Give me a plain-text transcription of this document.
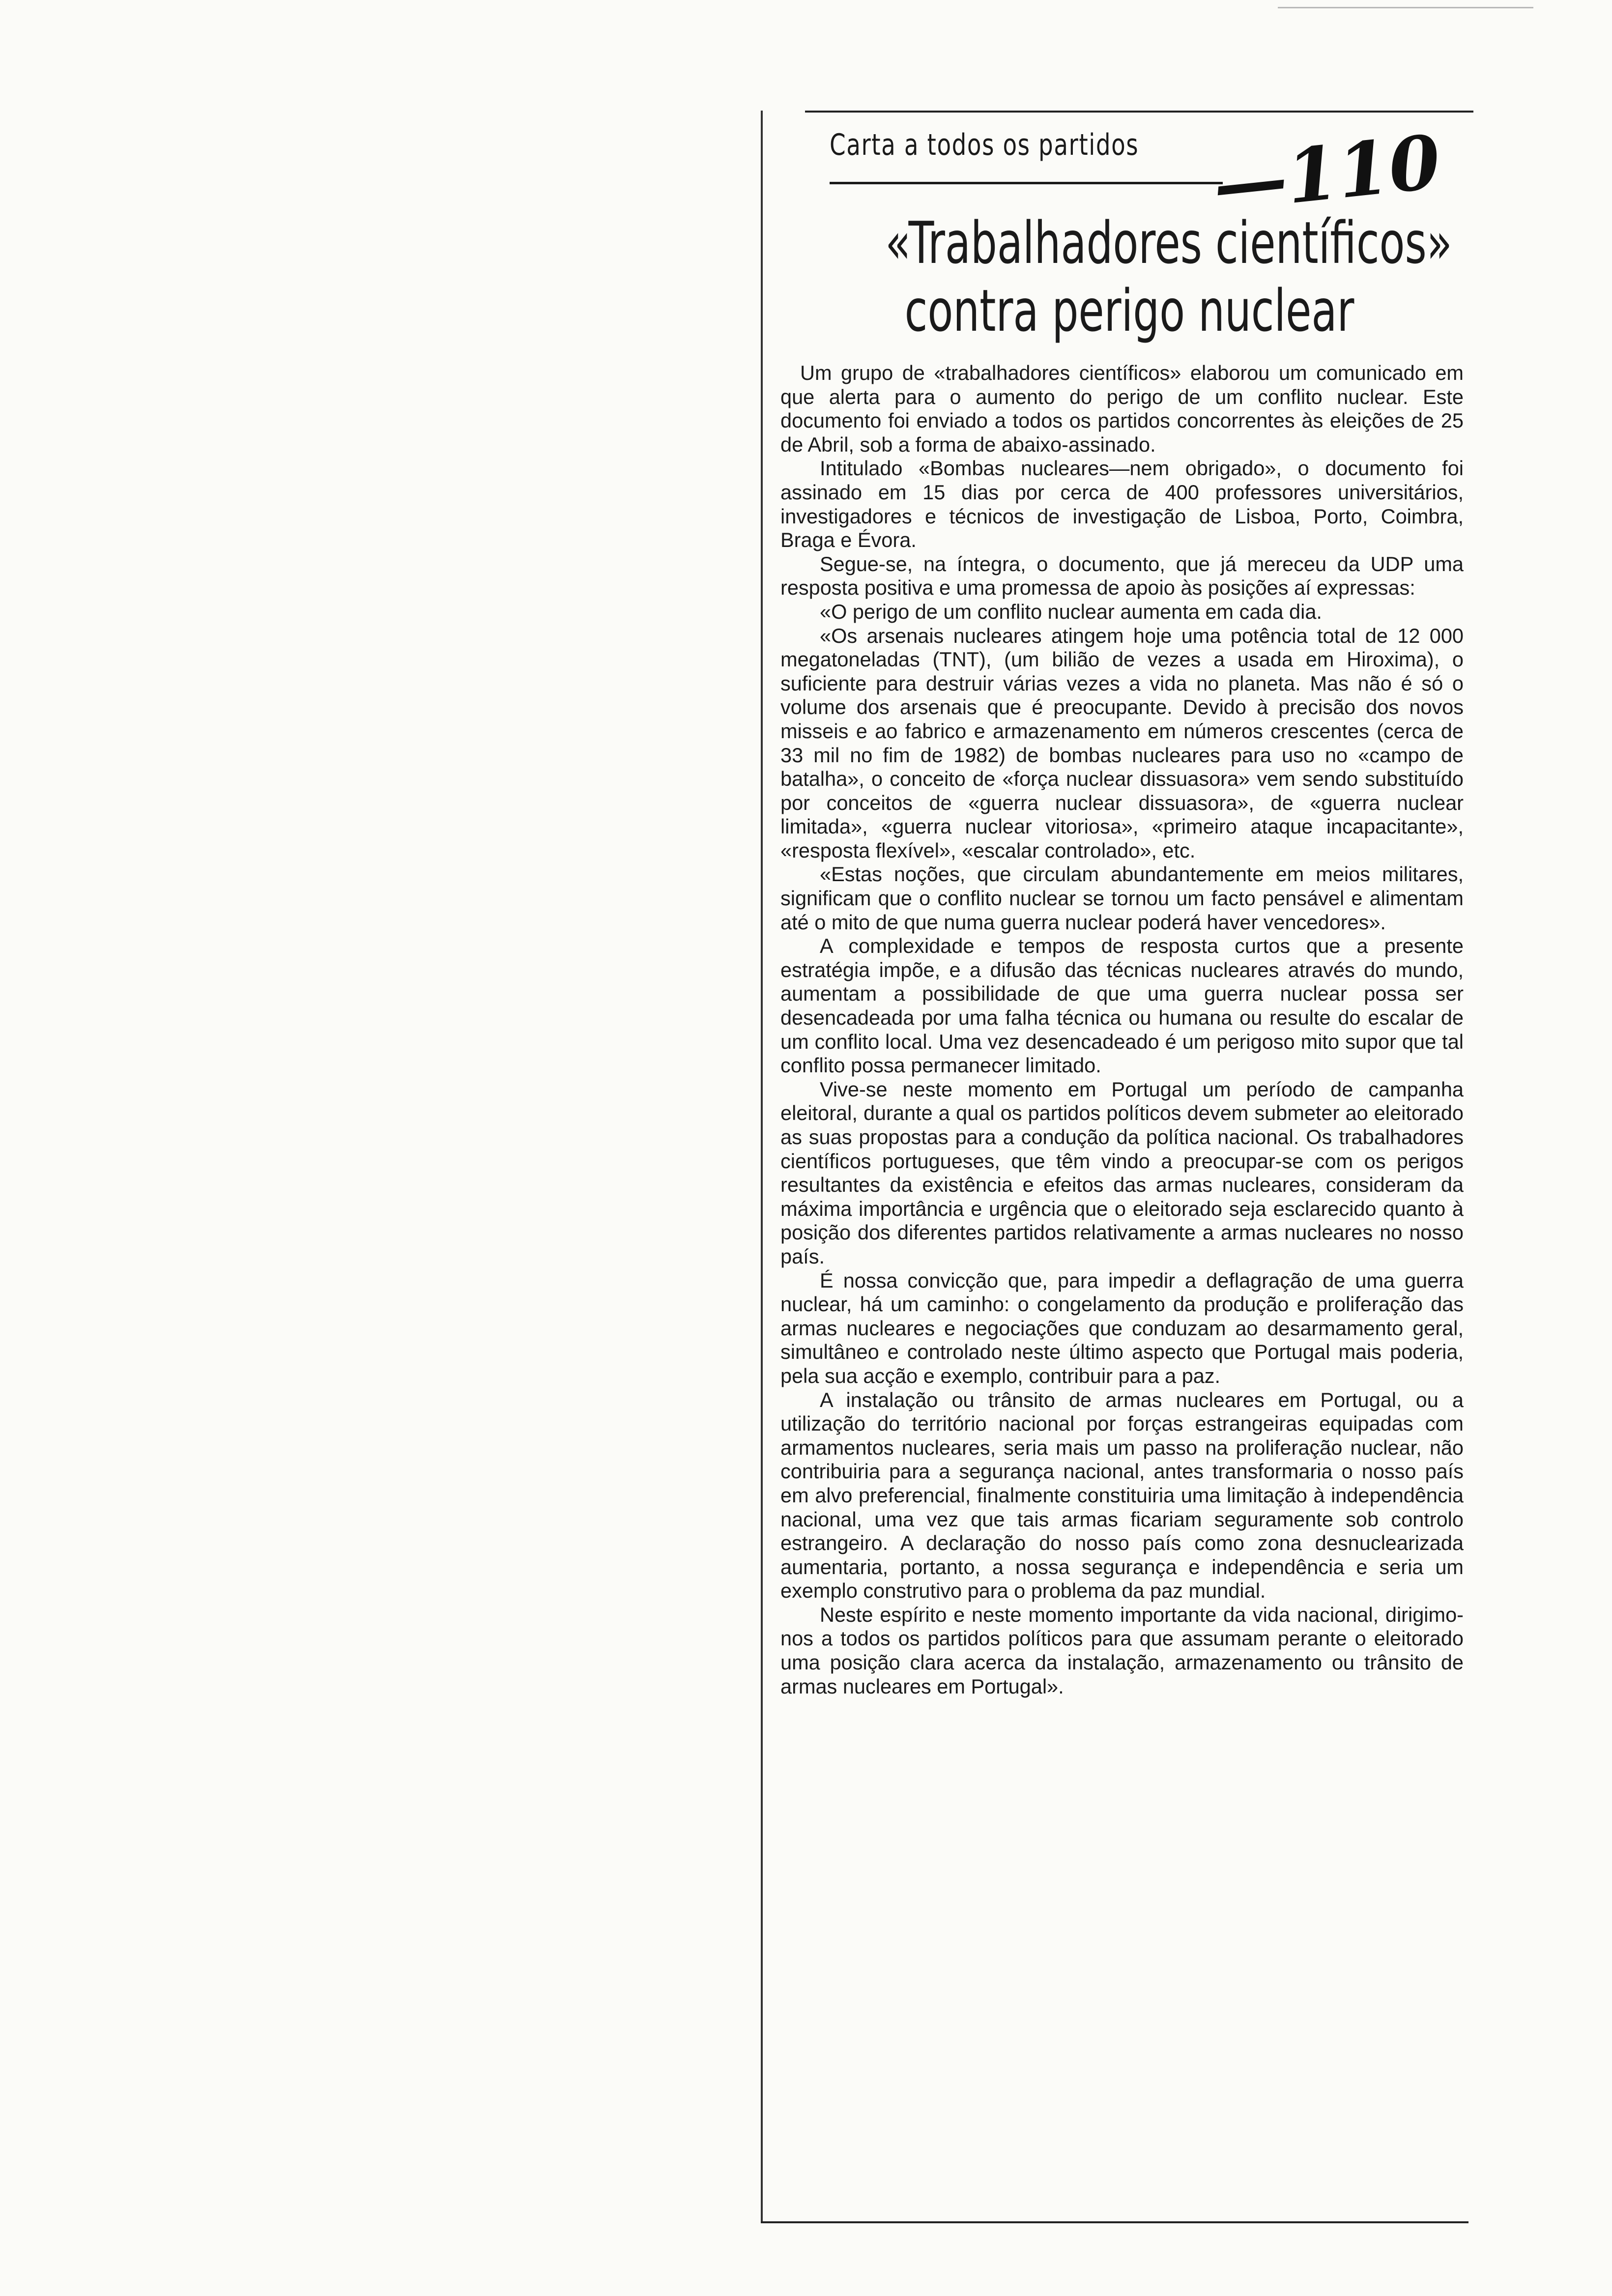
Carta a todos os partidos —110
«Trabalhadores científicos»
contra perigo nuclear

Um grupo de «trabalhadores científicos» elaborou um comunicado em que alerta para o aumento do perigo de um conflito nuclear. Este documento foi enviado a todos os partidos concorrentes às eleições de 25 de Abril, sob a forma de abaixo-assinado.

Intitulado «Bombas nucleares—nem obrigado», o documento foi assinado em 15 dias por cerca de 400 professores universitários, investigadores e técnicos de investigação de Lisboa, Porto, Coimbra, Braga e Évora.

Segue-se, na íntegra, o documento, que já mereceu da UDP uma resposta positiva e uma promessa de apoio às posições aí expressas:

«O perigo de um conflito nuclear aumenta em cada dia.

«Os arsenais nucleares atingem hoje uma potência total de 12 000 megatoneladas (TNT), (um bilião de vezes a usada em Hiroxima), o suficiente para destruir várias vezes a vida no planeta. Mas não é só o volume dos arsenais que é preocupante. Devido à precisão dos novos misseis e ao fabrico e armazenamento em números crescentes (cerca de 33 mil no fim de 1982) de bombas nucleares para uso no «campo de batalha», o conceito de «força nuclear dissuasora» vem sendo substituído por conceitos de «guerra nuclear dissuasora», de «guerra nuclear limitada», «guerra nuclear vitoriosa», «primeiro ataque incapacitante», «resposta flexível», «escalar controlado», etc.

«Estas noções, que circulam abundantemente em meios militares, significam que o conflito nuclear se tornou um facto pensável e alimentam até o mito de que numa guerra nuclear poderá haver vencedores».

A complexidade e tempos de resposta curtos que a presente estratégia impõe, e a difusão das técnicas nucleares através do mundo, aumentam a possibilidade de que uma guerra nuclear possa ser desencadeada por uma falha técnica ou humana ou resulte do escalar de um conflito local. Uma vez desencadeado é um perigoso mito supor que tal conflito possa permanecer limitado.

Vive-se neste momento em Portugal um período de campanha eleitoral, durante a qual os partidos políticos devem submeter ao eleitorado as suas propostas para a condução da política nacional. Os trabalhadores científicos portugueses, que têm vindo a preocupar-se com os perigos resultantes da existência e efeitos das armas nucleares, consideram da máxima importância e urgência que o eleitorado seja esclarecido quanto à posição dos diferentes partidos relativamente a armas nucleares no nosso país.

É nossa convicção que, para impedir a deflagração de uma guerra nuclear, há um caminho: o congelamento da produção e proliferação das armas nucleares e negociações que conduzam ao desarmamento geral, simultâneo e controlado neste último aspecto que Portugal mais poderia, pela sua acção e exemplo, contribuir para a paz.

A instalação ou trânsito de armas nucleares em Portugal, ou a utilização do território nacional por forças estrangeiras equipadas com armamentos nucleares, seria mais um passo na proliferação nuclear, não contribuiria para a segurança nacional, antes transformaria o nosso país em alvo preferencial, finalmente constituiria uma limitação à independência nacional, uma vez que tais armas ficariam seguramente sob controlo estrangeiro. A declaração do nosso país como zona desnuclearizada aumentaria, portanto, a nossa segurança e independência e seria um exemplo construtivo para o problema da paz mundial.

Neste espírito e neste momento importante da vida nacional, dirigimo-nos a todos os partidos políticos para que assumam perante o eleitorado uma posição clara acerca da instalação, armazenamento ou trânsito de armas nucleares em Portugal».
